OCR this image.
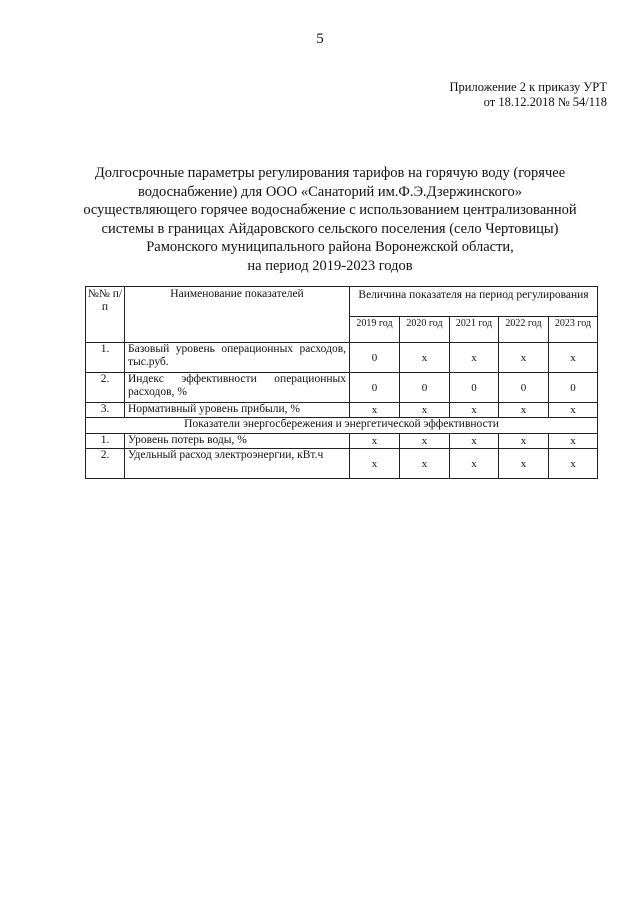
5
Приложение 2 к приказу УРТ
от 18.12.2018 № 54/118
Долгосрочные параметры регулирования тарифов на горячую воду (горячее
водоснабжение) для ООО «Санаторий им.Ф.Э.Дзержинского»
осуществляющего горячее водоснабжение с использованием централизованной
системы в границах Айдаровского сельского поселения (село Чертовицы)
Рамонского муниципального района Воронежской области,
на период 2019-2023 годов
№№ п/п	Наименование показателей	Величина показателя на период регулирования				
		2019 год	2020 год	2021 год	2022 год	2023 год
1.	Базовый уровень операционных расходов, тыс.руб.	0	x	x	x	x
2.	Индекс эффективности операционных расходов, %	0	0	0	0	0
3.	Нормативный уровень прибыли, %	x	x	x	x	x
Показатели энергосбережения и энергетической эффективности						
1.	Уровень потерь воды, %	x	x	x	x	x
2.	Удельный расход электроэнергии, кВт.ч	x	x	x	x	x
